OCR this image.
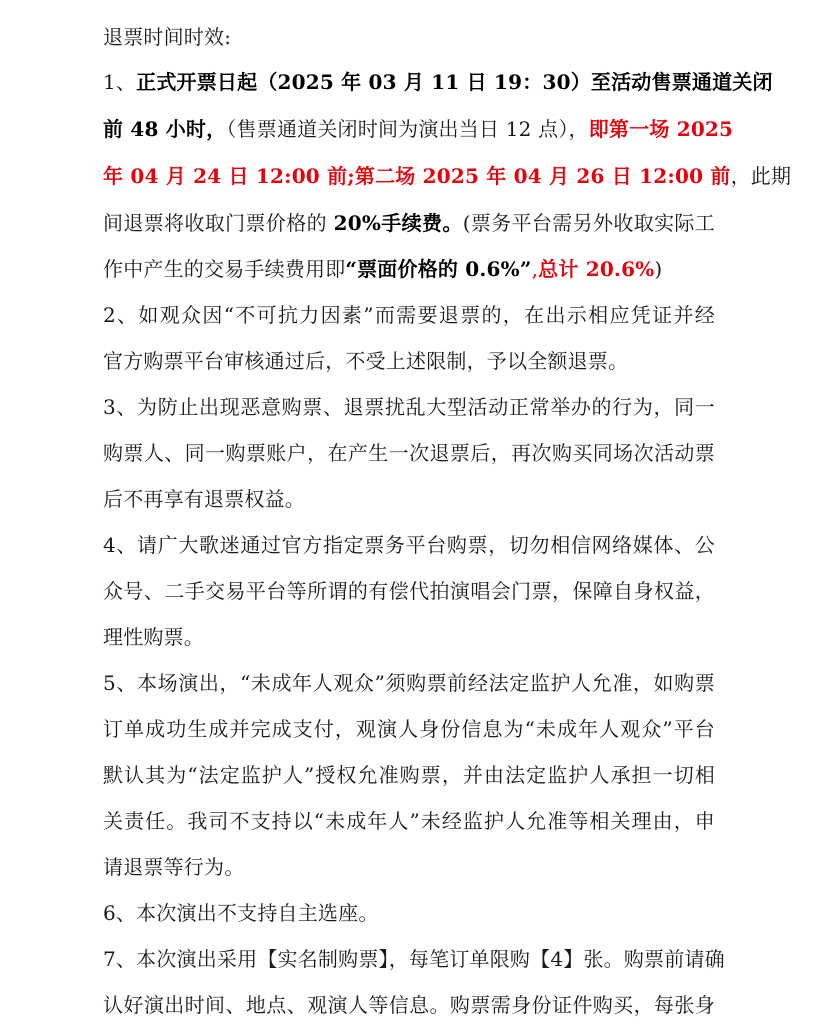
退票时间时效:
1、正式开票日起（2025 年 03 月 11 日 19：30）至活动售票通道关闭
前 48 小时，（售票通道关闭时间为演出当日 12 点），即第一场 2025
年 04 月 24 日 12:00 前;第二场 2025 年 04 月 26 日 12:00 前，此期
间退票将收取门票价格的 20%手续费。(票务平台需另外收取实际工
作中产生的交易手续费用即“票面价格的 0.6%”,总计 20.6%)
2、如观众因“不可抗力因素”而需要退票的，在出示相应凭证并经
官方购票平台审核通过后，不受上述限制，予以全额退票。
3、为防止出现恶意购票、退票扰乱大型活动正常举办的行为，同一
购票人、同一购票账户，在产生一次退票后，再次购买同场次活动票
后不再享有退票权益。
4、请广大歌迷通过官方指定票务平台购票，切勿相信网络媒体、公
众号、二手交易平台等所谓的有偿代拍演唱会门票，保障自身权益，
理性购票。
5、本场演出，“未成年人观众”须购票前经法定监护人允准，如购票
订单成功生成并完成支付，观演人身份信息为“未成年人观众”平台
默认其为“法定监护人”授权允准购票，并由法定监护人承担一切相
关责任。我司不支持以“未成年人”未经监护人允准等相关理由，申
请退票等行为。
6、本次演出不支持自主选座。
7、本次演出采用【实名制购票】，每笔订单限购【4】张。购票前请确
认好演出时间、地点、观演人等信息。购票需身份证件购买，每张身
